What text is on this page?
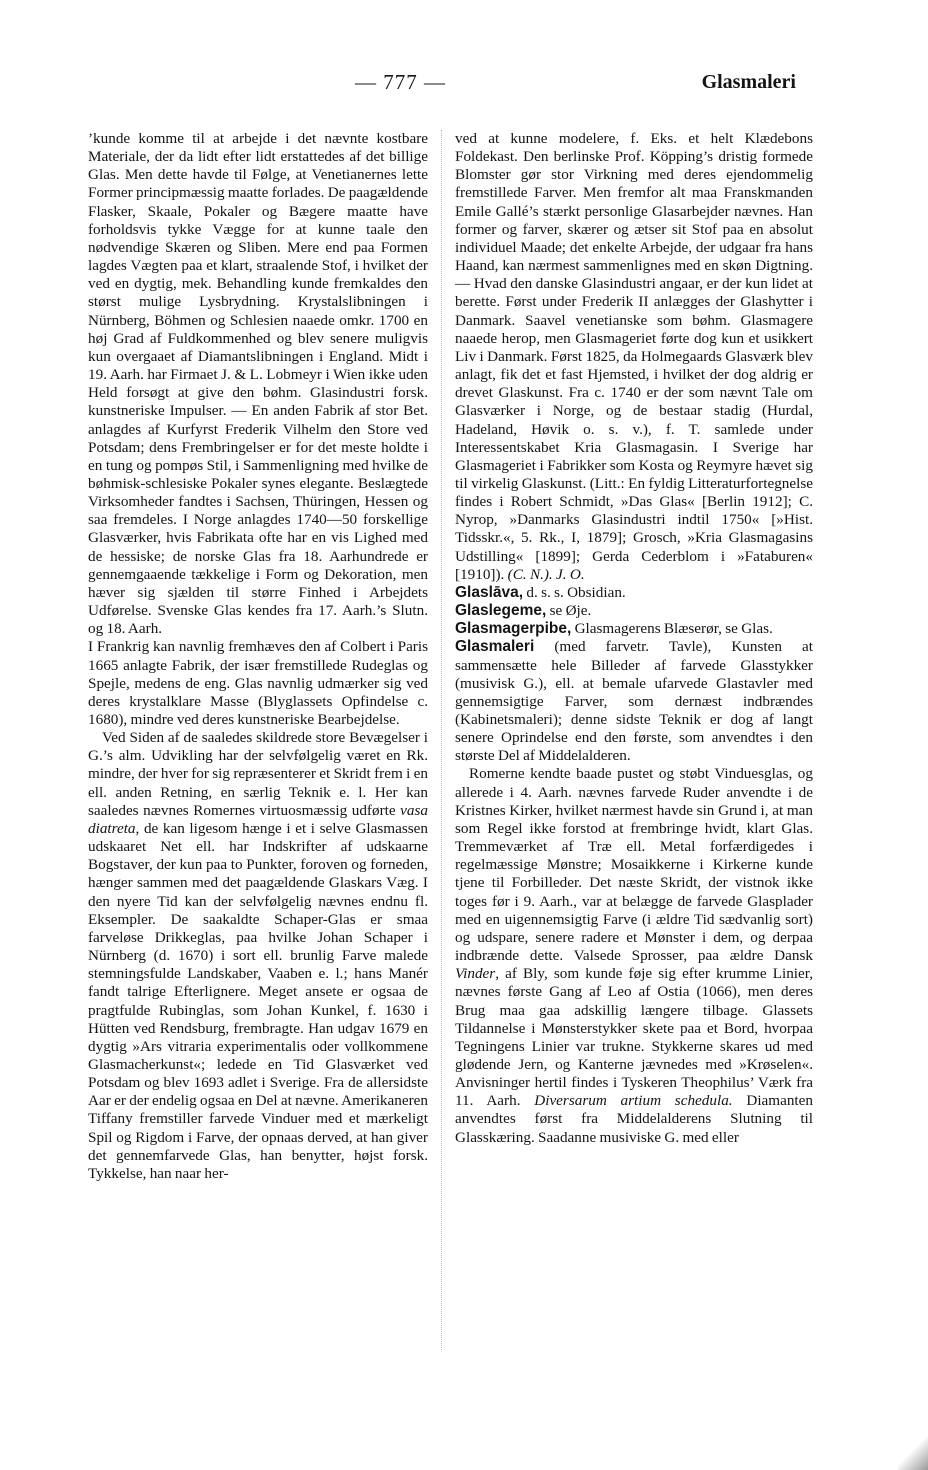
— 777 —	Glasmaleri

’kunde komme til at arbejde i det nævnte kostbare Materiale, der da lidt efter lidt erstattedes af det billige Glas. Men dette havde til Følge, at Venetianernes lette Former principmæssig maatte forlades. De paagældende Flasker, Skaale, Pokaler og Bægere maatte have forholdsvis tykke Vægge for at kunne taale den nødvendige Skæren og Sliben. Mere end paa Formen lagdes Vægten paa et klart, straalende Stof, i hvilket der ved en dygtig, mek. Behandling kunde fremkaldes den størst mulige Lysbrydning. Krystalslibningen i Nürnberg, Böhmen og Schlesien naaede omkr. 1700 en høj Grad af Fuldkommenhed og blev senere muligvis kun overgaaet af Diamantslibningen i England. Midt i 19. Aarh. har Firmaet J. & L. Lobmeyr i Wien ikke uden Held forsøgt at give den bøhm. Glasindustri forsk. kunstneriske Impulser. — En anden Fabrik af stor Bet. anlagdes af Kurfyrst Frederik Vilhelm den Store ved Potsdam; dens Frembringelser er for det meste holdte i en tung og pompøs Stil, i Sammenligning med hvilke de bøhmisk-schlesiske Pokaler synes elegante. Beslægtede Virksomheder fandtes i Sachsen, Thüringen, Hessen og saa fremdeles. I Norge anlagdes 1740—50 forskellige Glasværker, hvis Fabrikata ofte har en vis Lighed med de hessiske; de norske Glas fra 18. Aarhundrede er gennemgaaende tækkelige i Form og Dekoration, men hæver sig sjælden til større Finhed i Arbejdets Udførelse. Svenske Glas kendes fra 17. Aarh.’s Slutn. og 18. Aarh.

I Frankrig kan navnlig fremhæves den af Colbert i Paris 1665 anlagte Fabrik, der især fremstillede Rudeglas og Spejle, medens de eng. Glas navnlig udmærker sig ved deres krystalklare Masse (Blyglassets Opfindelse c. 1680), mindre ved deres kunstneriske Bearbejdelse.

Ved Siden af de saaledes skildrede store Bevægelser i G.’s alm. Udvikling har der selvfølgelig været en Rk. mindre, der hver for sig repræsenterer et Skridt frem i en ell. anden Retning, en særlig Teknik e. l. Her kan saaledes nævnes Romernes virtuosmæssig udførte vasa diatreta, de kan ligesom hænge i et i selve Glasmassen udskaaret Net ell. har Indskrifter af udskaarne Bogstaver, der kun paa to Punkter, foroven og forneden, hænger sammen med det paagældende Glaskars Væg. I den nyere Tid kan der selvfølgelig nævnes endnu fl. Eksempler. De saakaldte Schaper-Glas er smaa farveløse Drikkeglas, paa hvilke Johan Schaper i Nürnberg (d. 1670) i sort ell. brunlig Farve malede stemningsfulde Landskaber, Vaaben e. l.; hans Manér fandt talrige Efterlignere. Meget ansete er ogsaa de pragtfulde Rubinglas, som Johan Kunkel, f. 1630 i Hütten ved Rendsburg, frembragte. Han udgav 1679 en dygtig »Ars vitraria experimentalis oder vollkommene Glasmacherkunst«; ledede en Tid Glasværket ved Potsdam og blev 1693 adlet i Sverige. Fra de allersidste Aar er der endelig ogsaa en Del at nævne. Amerikaneren Tiffany fremstiller farvede Vinduer med et mærkeligt Spil og Rigdom i Farve, der opnaas derved, at han giver det gennemfarvede Glas, han benytter, højst forsk. Tykkelse, han naar her-

ved at kunne modelere, f. Eks. et helt Klædebons Foldekast. Den berlinske Prof. Köpping’s dristig formede Blomster gør stor Virkning med deres ejendommelig fremstillede Farver. Men fremfor alt maa Franskmanden Emile Gallé’s stærkt personlige Glasarbejder nævnes. Han former og farver, skærer og ætser sit Stof paa en absolut individuel Maade; det enkelte Arbejde, der udgaar fra hans Haand, kan nærmest sammenlignes med en skøn Digtning. — Hvad den danske Glasindustri angaar, er der kun lidet at berette. Først under Frederik II anlægges der Glashytter i Danmark. Saavel venetianske som bøhm. Glasmagere naaede herop, men Glasmageriet førte dog kun et usikkert Liv i Danmark. Først 1825, da Holmegaards Glasværk blev anlagt, fik det et fast Hjemsted, i hvilket der dog aldrig er drevet Glaskunst. Fra c. 1740 er der som nævnt Tale om Glasværker i Norge, og de bestaar stadig (Hurdal, Hadeland, Høvik o. s. v.), f. T. samlede under Interessentskabet Kria Glasmagasin. I Sverige har Glasmageriet i Fabrikker som Kosta og Reymyre hævet sig til virkelig Glaskunst. (Litt.: En fyldig Litteraturfortegnelse findes i Robert Schmidt, »Das Glas« [Berlin 1912]; C. Nyrop, »Danmarks Glasindustri indtil 1750« [»Hist. Tidsskr.«, 5. Rk., I, 1879]; Grosch, »Kria Glasmagasins Udstilling« [1899]; Gerda Cederblom i »Fataburen« [1910]). (C. N.). J. O.

Glaslāva, d. s. s. Obsidian.

Glaslegeme, se Øje.

Glasmagerpibe, Glasmagerens Blæserør, se Glas.

Glasmaleri (med farvetr. Tavle), Kunsten at sammensætte hele Billeder af farvede Glasstykker (musivisk G.), ell. at bemale ufarvede Glastavler med gennemsigtige Farver, som dernæst indbrændes (Kabinetsmaleri); denne sidste Teknik er dog af langt senere Oprindelse end den første, som anvendtes i den største Del af Middelalderen.

Romerne kendte baade pustet og støbt Vinduesglas, og allerede i 4. Aarh. nævnes farvede Ruder anvendte i de Kristnes Kirker, hvilket nærmest havde sin Grund i, at man som Regel ikke forstod at frembringe hvidt, klart Glas. Tremmeværket af Træ ell. Metal forfærdigedes i regelmæssige Mønstre; Mosaikkerne i Kirkerne kunde tjene til Forbilleder. Det næste Skridt, der vistnok ikke toges før i 9. Aarh., var at belægge de farvede Glasplader med en uigennemsigtig Farve (i ældre Tid sædvanlig sort) og udspare, senere radere et Mønster i dem, og derpaa indbrænde dette. Valsede Sprosser, paa ældre Dansk Vinder, af Bly, som kunde føje sig efter krumme Linier, nævnes første Gang af Leo af Ostia (1066), men deres Brug maa gaa adskillig længere tilbage. Glassets Tildannelse i Mønsterstykker skete paa et Bord, hvorpaa Tegningens Linier var trukne. Stykkerne skares ud med glødende Jern, og Kanterne jævnedes med »Krøselen«. Anvisninger hertil findes i Tyskeren Theophilus’ Værk fra 11. Aarh. Diversarum artium schedula. Diamanten anvendtes først fra Middelalderens Slutning til Glasskæring. Saadanne musiviske G. med eller
